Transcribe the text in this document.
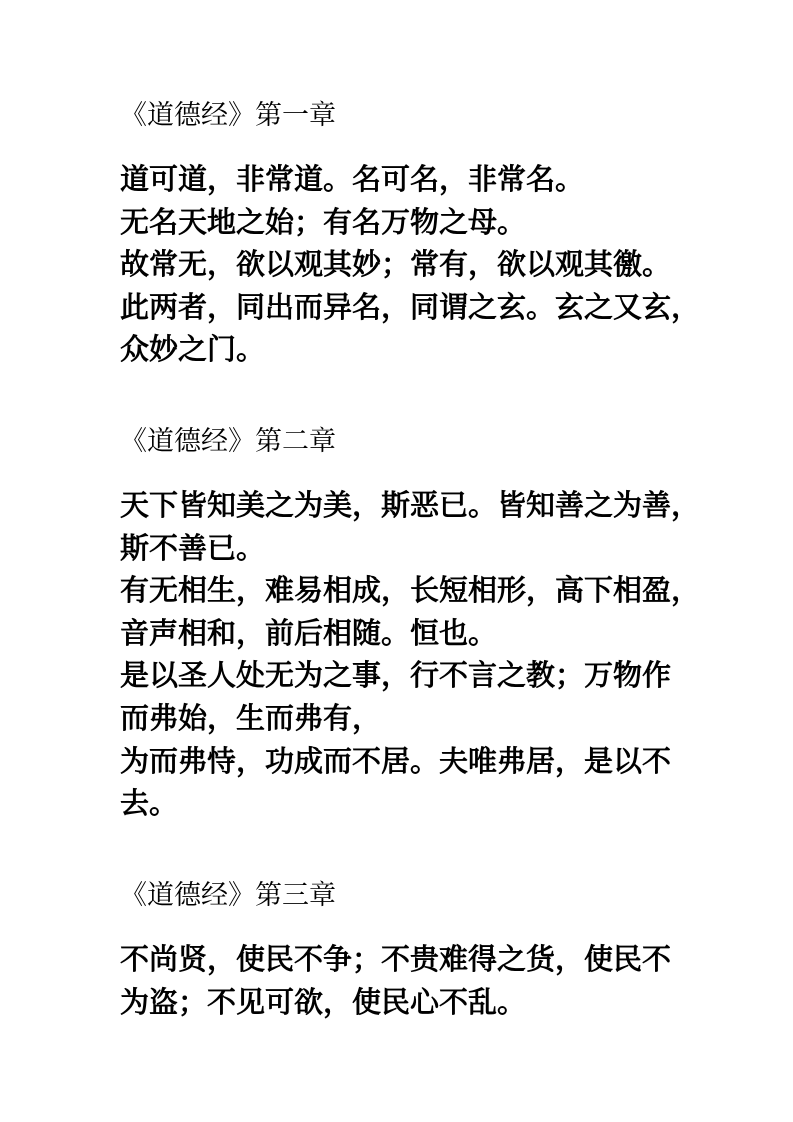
《道德经》第一章

道可道，非常道。名可名，非常名。

无名天地之始；有名万物之母。

故常无，欲以观其妙；常有，欲以观其徼。

此两者，同出而异名，同谓之玄。玄之又玄，

众妙之门。

《道德经》第二章

天下皆知美之为美，斯恶已。皆知善之为善，

斯不善已。

有无相生，难易相成，长短相形，高下相盈，

音声相和，前后相随。恒也。

是以圣人处无为之事，行不言之教；万物作

而弗始，生而弗有，

为而弗恃，功成而不居。夫唯弗居，是以不

去。

《道德经》第三章

不尚贤，使民不争；不贵难得之货，使民不

为盗；不见可欲，使民心不乱。
